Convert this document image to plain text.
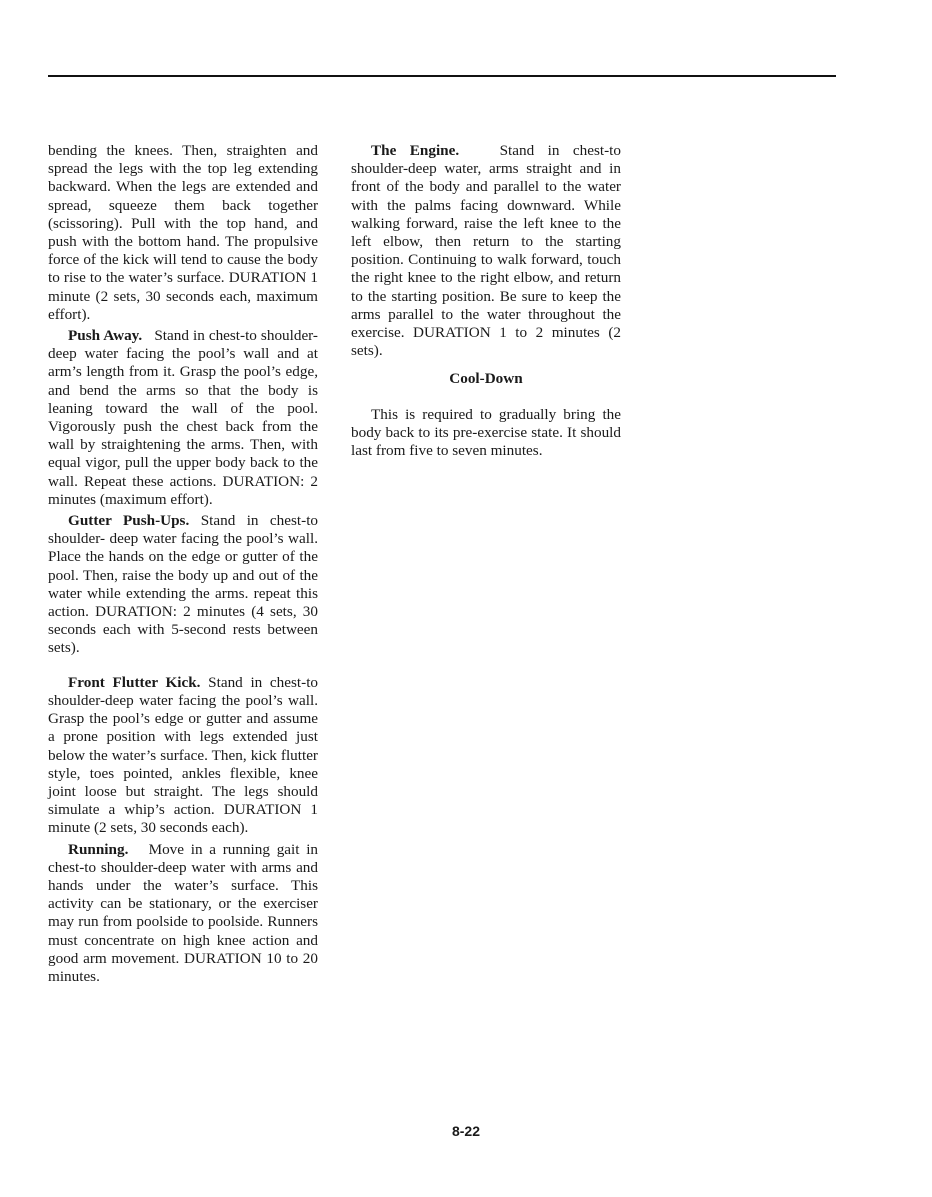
bending the knees. Then, straighten and spread the legs with the top leg extending backward. When the legs are extended and spread, squeeze them back together (scissoring). Pull with the top hand, and push with the bottom hand. The propulsive force of the kick will tend to cause the body to rise to the water’s surface. DURATION 1 minute (2 sets, 30 seconds each, maximum effort).

Push Away. Stand in chest-to shoulder-deep water facing the pool’s wall and at arm’s length from it. Grasp the pool’s edge, and bend the arms so that the body is leaning toward the wall of the pool. Vigorously push the chest back from the wall by straightening the arms. Then, with equal vigor, pull the upper body back to the wall. Repeat these actions. DURATION: 2 minutes (maximum effort).

Gutter Push-Ups. Stand in chest-to shoulder- deep water facing the pool’s wall. Place the hands on the edge or gutter of the pool. Then, raise the body up and out of the water while extending the arms. repeat this action. DURATION: 2 minutes (4 sets, 30 seconds each with 5-second rests between sets).

Front Flutter Kick. Stand in chest-to shoulder-deep water facing the pool’s wall. Grasp the pool’s edge or gutter and assume a prone position with legs extended just below the water’s surface. Then, kick flutter style, toes pointed, ankles flexible, knee joint loose but straight. The legs should simulate a whip’s action. DURATION 1 minute (2 sets, 30 seconds each).

Running. Move in a running gait in chest-to shoulder-deep water with arms and hands under the water’s surface. This activity can be stationary, or the exerciser may run from poolside to poolside. Runners must concentrate on high knee action and good arm movement. DURATION 10 to 20 minutes.

The Engine.	Stand in chest-to shoulder-deep water, arms straight and in front of the body and parallel to the water with the palms facing downward. While walking forward, raise the left knee to the left elbow, then return to the starting position. Continuing to walk forward, touch the right knee to the right elbow, and return to the starting position. Be sure to keep the arms parallel to the water throughout the exercise. DURATION 1 to 2 minutes (2 sets).

Cool-Down

This is required to gradually bring the body back to its pre-exercise state. It should last from five to seven minutes.

8-22
